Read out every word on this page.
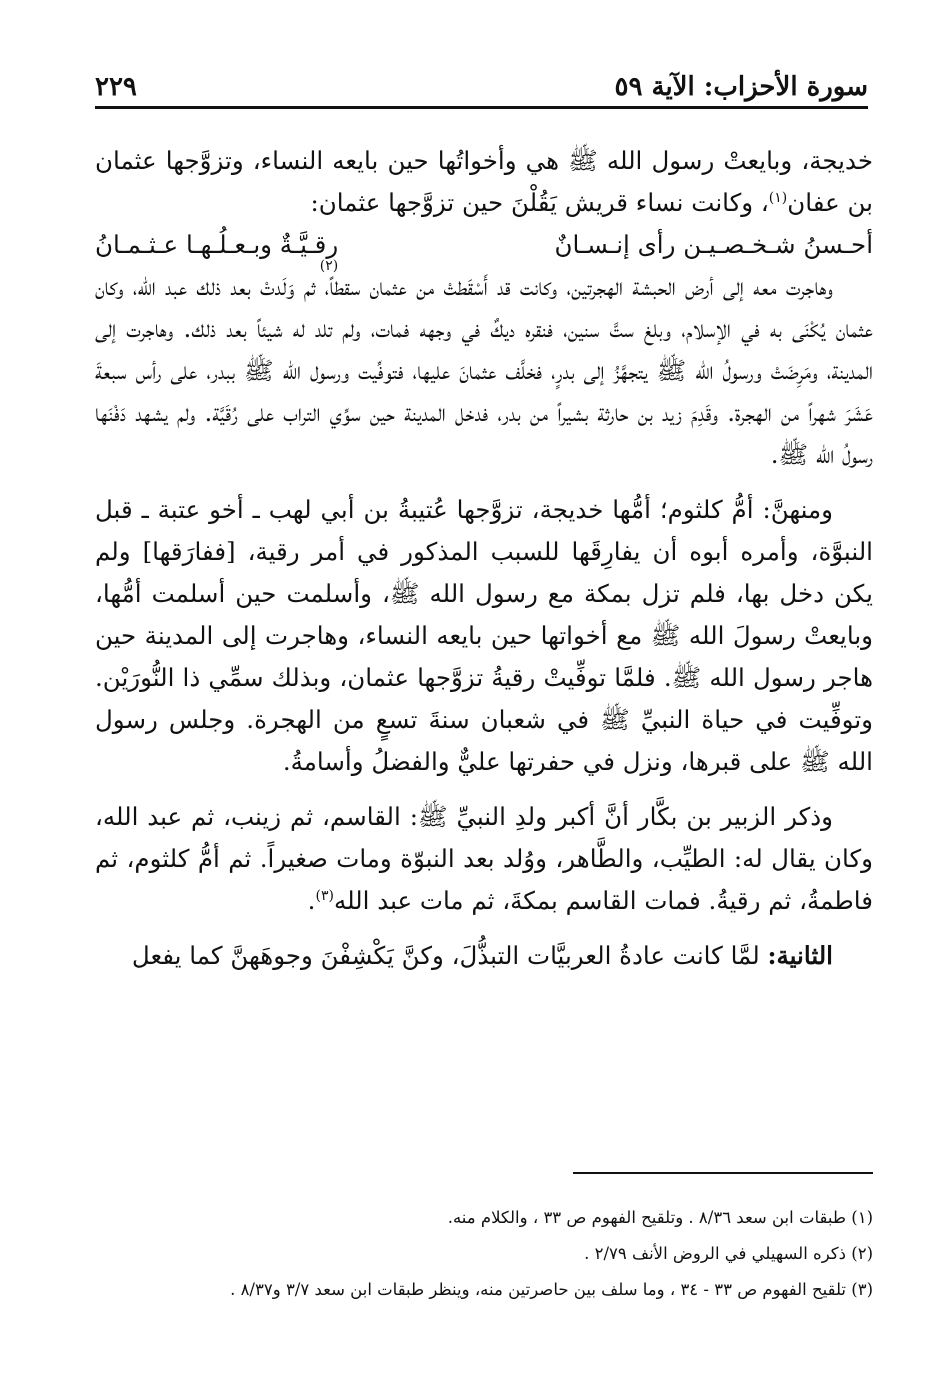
سورة الأحزاب: الآية ٥٩
٢٢٩

خديجة، وبايعتْ رسول الله ﷺ هي وأخواتُها حين بايعه النساء، وتزوَّجها عثمان بن عفان$^{(١)}$، وكانت نساء قريش يَقُلْنَ حين تزوَّجها عثمان:

أحـسنُ شـخـصـيـن رأى إنـسـانٌ
رقـيَّـةٌ وبـعـلُـهـا عـثـمـانُ
(٢)

وهاجرت معه إلى أرض الحبشة الهجرتين، وكانت قد أَسْقَطتْ من عثمان سقطاً، ثم وَلَدتْ بعد ذلك عبد الله، وكان عثمان يُكْنَى به في الإسلام، وبلغ ستَّ سنين، فنقره ديكٌ في وجهه فمات، ولم تلد له شيئاً بعد ذلك. وهاجرت إلى المدينة، ومَرِضَتْ ورسولُ الله ﷺ يتجهَّزُ إلى بدرٍ، فخلَّف عثمانَ عليها، فتوفِّيت ورسول الله ﷺ ببدر، على رأس سبعةَ عَشَرَ شهراً من الهجرة. وقَدِمَ زيد بن حارثة بشيراً من بدر، فدخل المدينة حين سوِّي التراب على رُقَيَّة. ولم يشهد دَفْنَها رسولُ الله ﷺ.

ومنهنَّ: أمُّ كلثوم؛ أمُّها خديجة، تزوَّجها عُتيبةُ بن أبي لهب ـ أخو عتبة ـ قبل النبوَّة، وأمره أبوه أن يفارِقَها للسبب المذكور في أمر رقية، [ففارَقها] ولم يكن دخل بها، فلم تزل بمكة مع رسول الله ﷺ، وأسلمت حين أسلمت أمُّها، وبايعتْ رسولَ الله ﷺ مع أخواتها حين بايعه النساء، وهاجرت إلى المدينة حين هاجر رسول الله ﷺ. فلمَّا توفِّيتْ رقيةُ تزوَّجها عثمان، وبذلك سمِّي ذا النُّورَيْن. وتوفِّيت في حياة النبيِّ ﷺ في شعبان سنةَ تسعٍ من الهجرة. وجلس رسول الله ﷺ على قبرها، ونزل في حفرتها عليٌّ والفضلُ وأسامةُ.

وذكر الزبير بن بكَّار أنَّ أكبر ولدِ النبيِّ ﷺ: القاسم، ثم زينب، ثم عبد الله، وكان يقال له: الطيِّب، والطَّاهر، ووُلد بعد النبوّة ومات صغيراً. ثم أمُّ كلثوم، ثم فاطمةُ، ثم رقيةُ. فمات القاسم بمكةَ، ثم مات عبد الله$^{(٣)}$.

الثانية: لمَّا كانت عادةُ العربيَّات التبذُّلَ، وكنَّ يَكْشِفْنَ وجوهَهنَّ كما يفعل

(١) طبقات ابن سعد ٨/٣٦ . وتلقيح الفهوم ص ٣٣ ، والكلام منه.
(٢) ذكره السهيلي في الروض الأنف ٢/٧٩ .
(٣) تلقيح الفهوم ص ٣٣ - ٣٤ ، وما سلف بين حاصرتين منه، وينظر طبقات ابن سعد ٣/٧ و٨/٣٧ .
